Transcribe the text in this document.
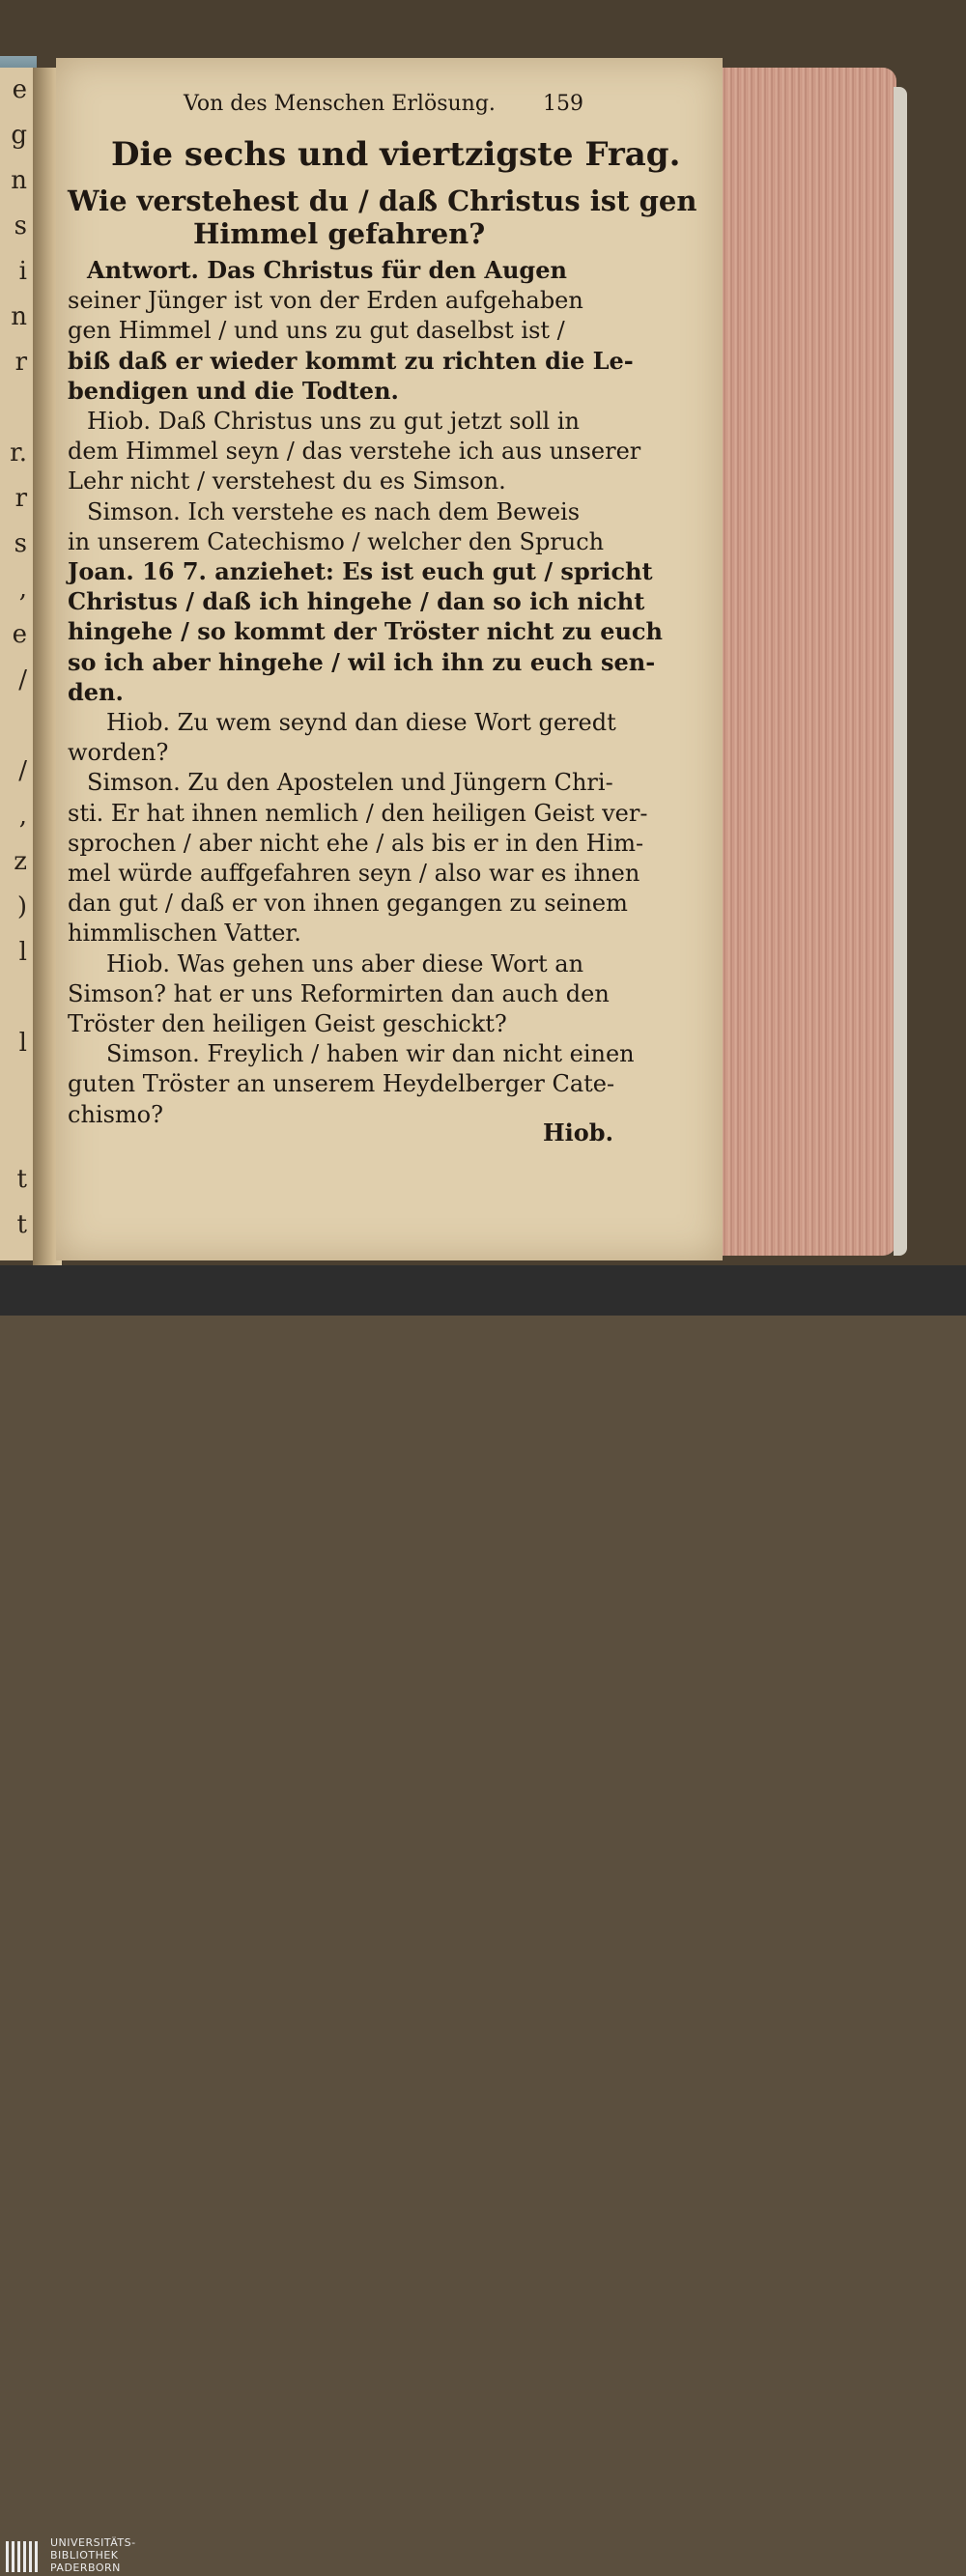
e
g
n
s
i
n
r
r.
r
s
,
e
/
/
,
z
)
l
l
t
t
Von des Menschen Erlösung. 159
Die sechs und viertzigste Frag.
Wie verstehest du / daß Christus ist gen
Himmel gefahren?
Antwort. Das Christus für den Augen
seiner Jünger ist von der Erden aufgehaben
gen Himmel / und uns zu gut daselbst ist /
biß daß er wieder kommt zu richten die Le-
bendigen und die Todten.
Hiob. Daß Christus uns zu gut jetzt soll in
dem Himmel seyn / das verstehe ich aus unserer
Lehr nicht / verstehest du es Simson.
Simson. Ich verstehe es nach dem Beweis
in unserem Catechismo / welcher den Spruch
Joan. 16 7. anziehet: Es ist euch gut / spricht
Christus / daß ich hingehe / dan so ich nicht
hingehe / so kommt der Tröster nicht zu euch
so ich aber hingehe / wil ich ihn zu euch sen-
den.
Hiob. Zu wem seynd dan diese Wort geredt
worden?
Simson. Zu den Apostelen und Jüngern Chri-
sti. Er hat ihnen nemlich / den heiligen Geist ver-
sprochen / aber nicht ehe / als bis er in den Him-
mel würde auffgefahren seyn / also war es ihnen
dan gut / daß er von ihnen gegangen zu seinem
himmlischen Vatter.
Hiob. Was gehen uns aber diese Wort an
Simson? hat er uns Reformirten dan auch den
Tröster den heiligen Geist geschickt?
Simson. Freylich / haben wir dan nicht einen
guten Tröster an unserem Heydelberger Cate-
chismo?
Hiob.
UNIVERSITÄTS-
BIBLIOTHEK
PADERBORN
